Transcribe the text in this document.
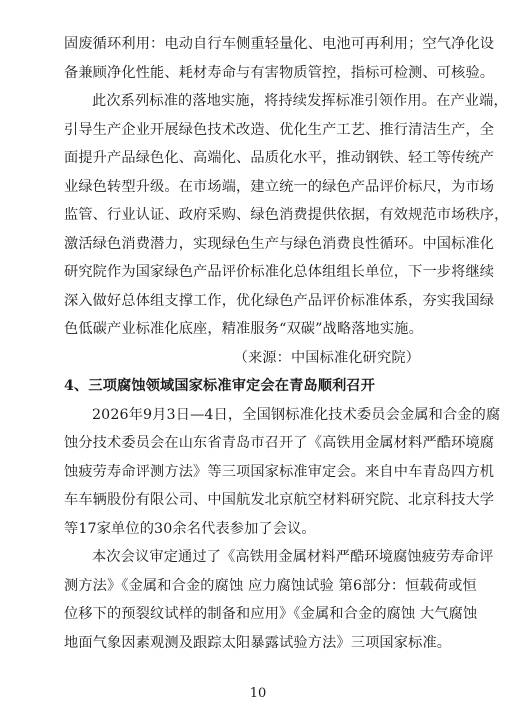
固废循环利用：电动自行车侧重轻量化、电池可再利用；空气净化设
备兼顾净化性能、耗材寿命与有害物质管控，指标可检测、可核验。
此次系列标准的落地实施，将持续发挥标准引领作用。在产业端，
引导生产企业开展绿色技术改造、优化生产工艺、推行清洁生产，全
面提升产品绿色化、高端化、品质化水平，推动钢铁、轻工等传统产
业绿色转型升级。在市场端，建立统一的绿色产品评价标尺，为市场
监管、行业认证、政府采购、绿色消费提供依据，有效规范市场秩序，
激活绿色消费潜力，实现绿色生产与绿色消费良性循环。中国标准化
研究院作为国家绿色产品评价标准化总体组组长单位，下一步将继续
深入做好总体组支撑工作，优化绿色产品评价标准体系，夯实我国绿
色低碳产业标准化底座，精准服务“双碳”战略落地实施。
（来源：中国标准化研究院）
4、三项腐蚀领域国家标准审定会在青岛顺利召开
2026年9月3日—4日，全国钢标准化技术委员会金属和合金的腐
蚀分技术委员会在山东省青岛市召开了《高铁用金属材料严酷环境腐
蚀疲劳寿命评测方法》等三项国家标准审定会。来自中车青岛四方机
车车辆股份有限公司、中国航发北京航空材料研究院、北京科技大学
等17家单位的30余名代表参加了会议。
本次会议审定通过了《高铁用金属材料严酷环境腐蚀疲劳寿命评
测方法》《金属和合金的腐蚀 应力腐蚀试验 第6部分：恒载荷或恒
位移下的预裂纹试样的制备和应用》《金属和合金的腐蚀 大气腐蚀
地面气象因素观测及跟踪太阳暴露试验方法》三项国家标准。
10
